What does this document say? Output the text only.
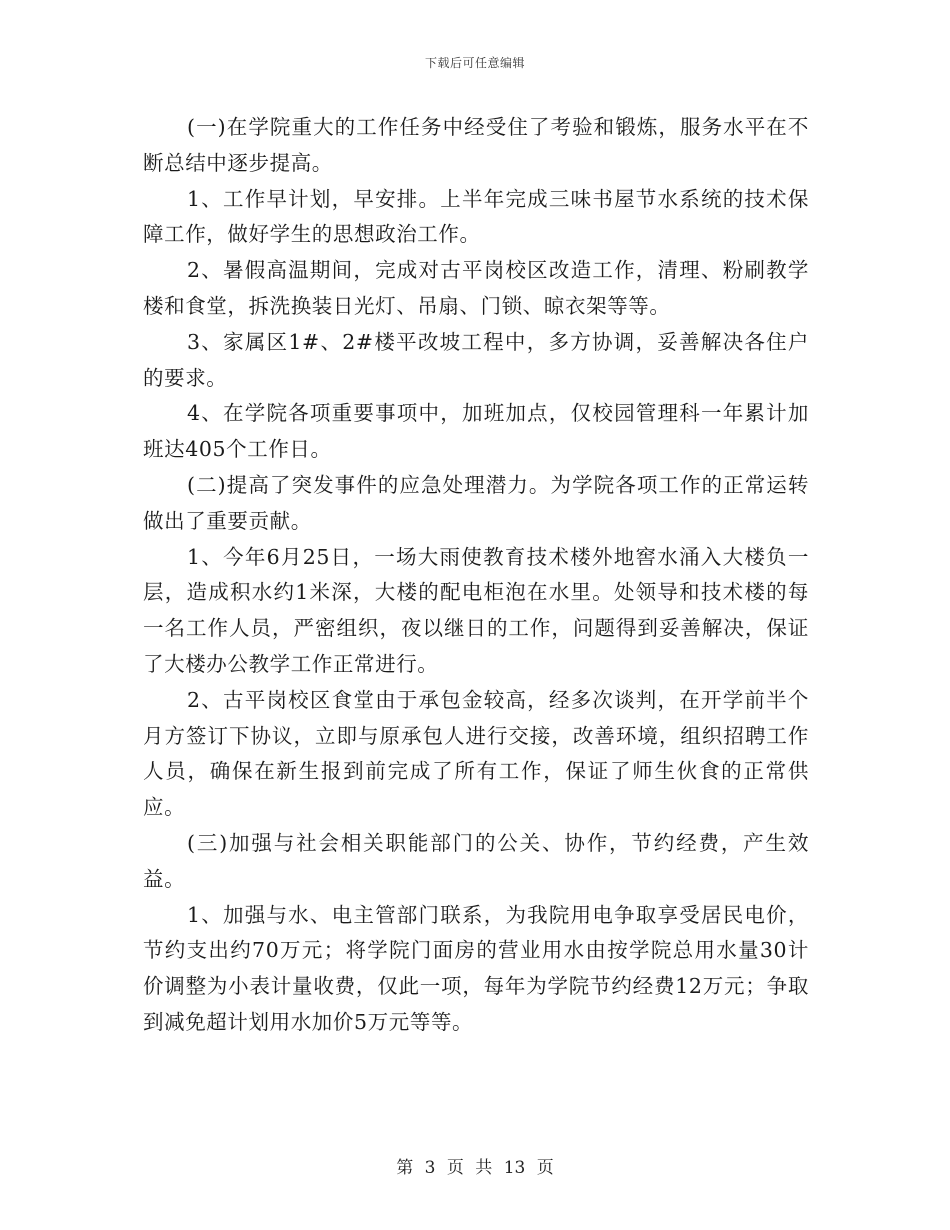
下载后可任意编辑

(一)在学院重大的工作任务中经受住了考验和锻炼，服务水平在不断总结中逐步提高。

1、工作早计划，早安排。上半年完成三味书屋节水系统的技术保障工作，做好学生的思想政治工作。

2、暑假高温期间，完成对古平岗校区改造工作，清理、粉刷教学楼和食堂，拆洗换装日光灯、吊扇、门锁、晾衣架等等。

3、家属区1#、2#楼平改坡工程中，多方协调，妥善解决各住户的要求。

4、在学院各项重要事项中，加班加点，仅校园管理科一年累计加班达405个工作日。

(二)提高了突发事件的应急处理潜力。为学院各项工作的正常运转做出了重要贡献。

1、今年6月25日，一场大雨使教育技术楼外地窖水涌入大楼负一层，造成积水约1米深，大楼的配电柜泡在水里。处领导和技术楼的每一名工作人员，严密组织，夜以继日的工作，问题得到妥善解决，保证了大楼办公教学工作正常进行。

2、古平岗校区食堂由于承包金较高，经多次谈判，在开学前半个月方签订下协议，立即与原承包人进行交接，改善环境，组织招聘工作人员，确保在新生报到前完成了所有工作，保证了师生伙食的正常供应。

(三)加强与社会相关职能部门的公关、协作，节约经费，产生效益。

1、加强与水、电主管部门联系，为我院用电争取享受居民电价，节约支出约70万元；将学院门面房的营业用水由按学院总用水量30计价调整为小表计量收费，仅此一项，每年为学院节约经费12万元；争取到减免超计划用水加价5万元等等。

第 3 页 共 13 页
